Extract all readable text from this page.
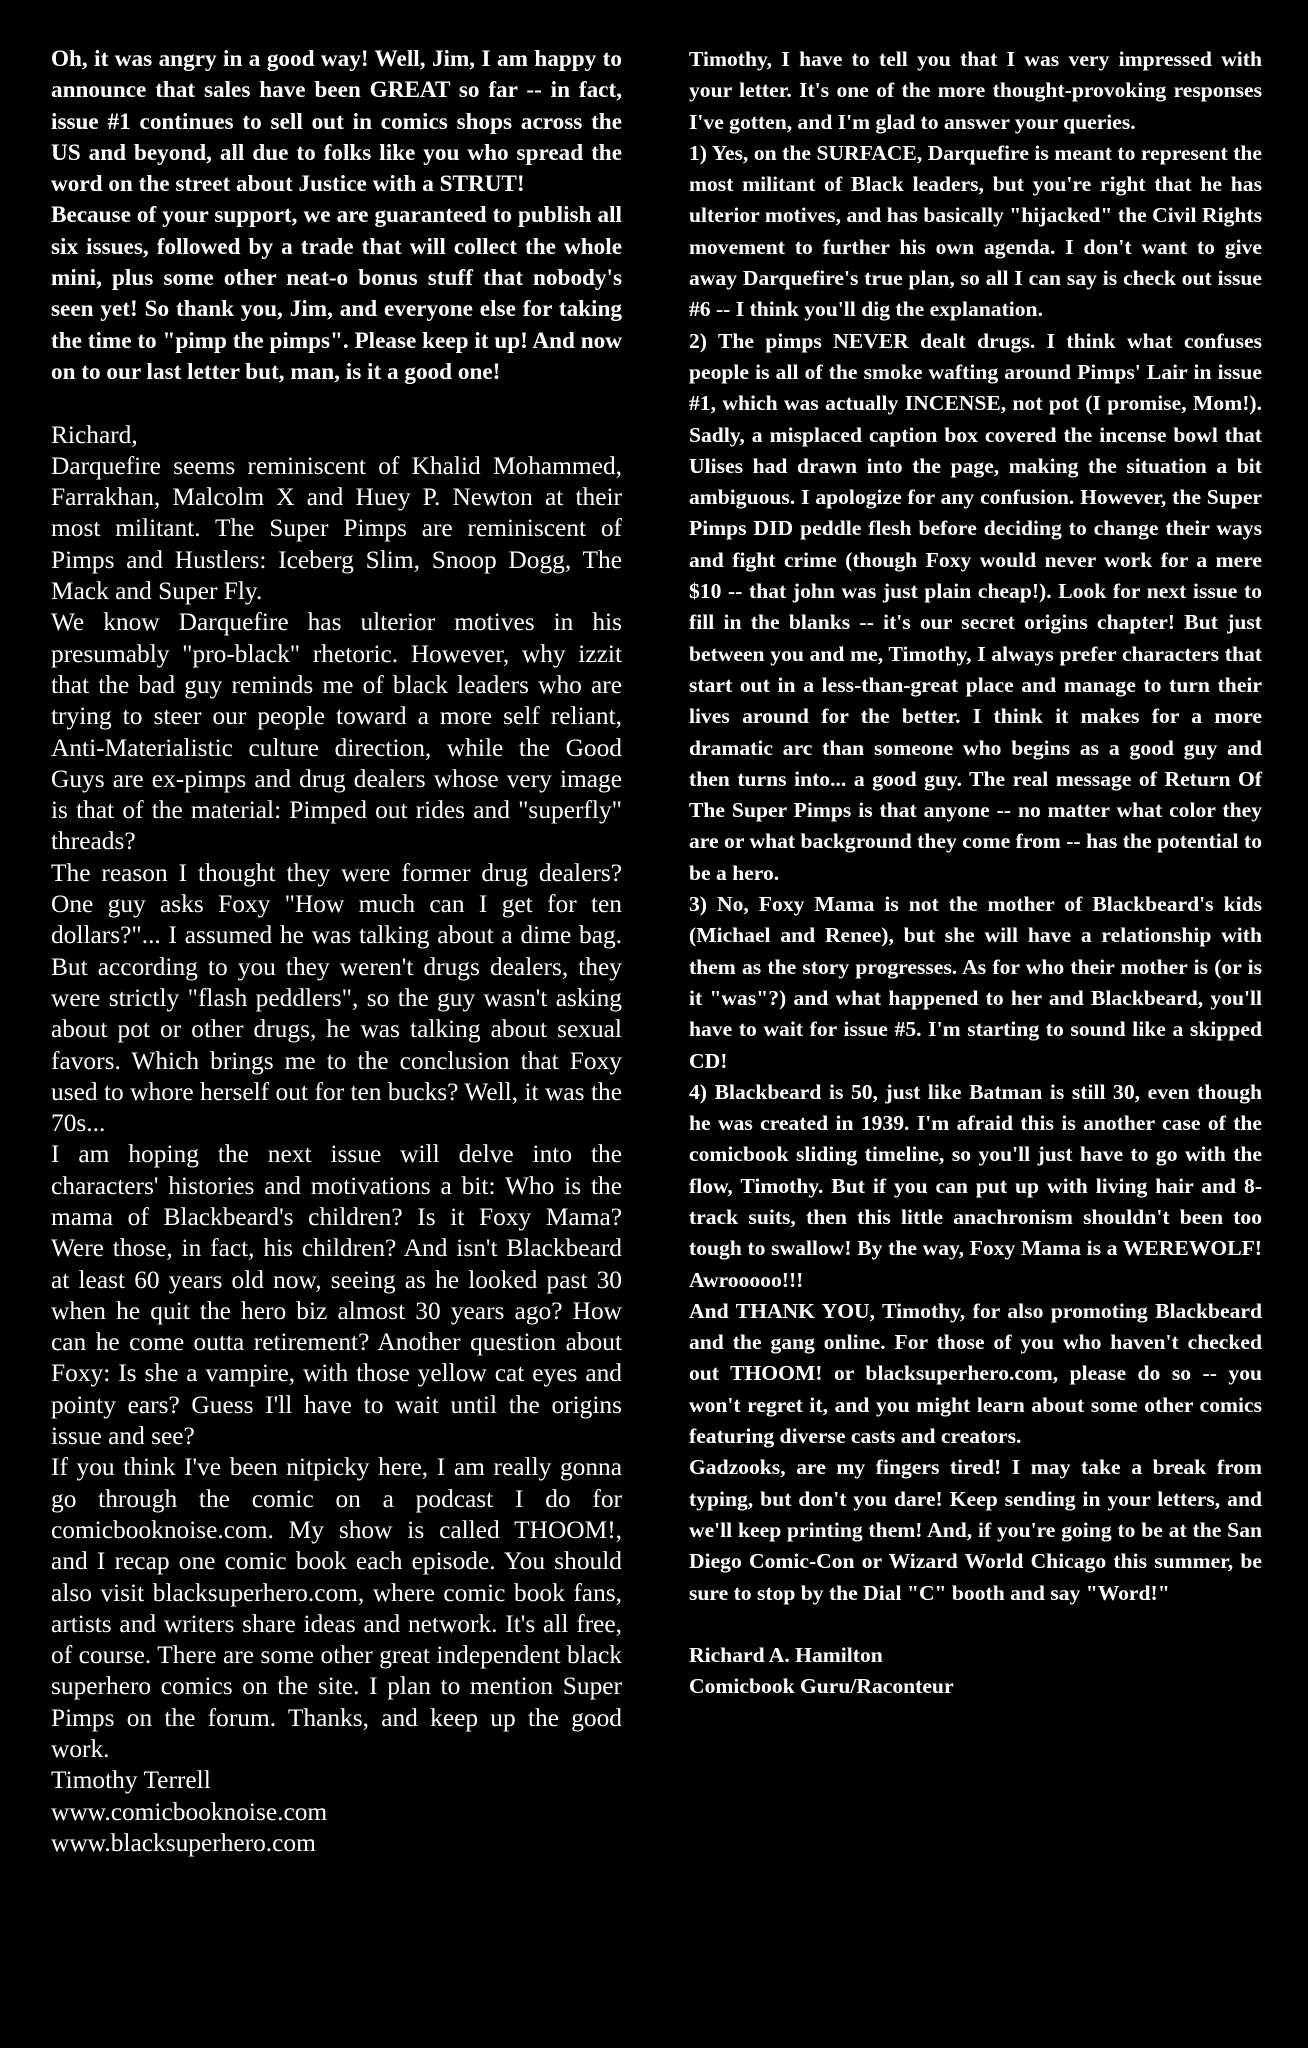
Oh, it was angry in a good way! Well, Jim, I am happy to announce that sales have been GREAT so far -- in fact, issue #1 continues to sell out in comics shops across the US and beyond, all due to folks like you who spread the word on the street about Justice with a STRUT!

Because of your support, we are guaranteed to publish all six issues, followed by a trade that will collect the whole mini, plus some other neat-o bonus stuff that nobody's seen yet! So thank you, Jim, and everyone else for taking the time to "pimp the pimps". Please keep it up! And now on to our last letter but, man, is it a good one!

Richard,

Darquefire seems reminiscent of Khalid Mohammed, Farrakhan, Malcolm X and Huey P. Newton at their most militant. The Super Pimps are reminiscent of Pimps and Hustlers: Iceberg Slim, Snoop Dogg, The Mack and Super Fly.

We know Darquefire has ulterior motives in his presumably "pro-black" rhetoric. However, why izzit that the bad guy reminds me of black leaders who are trying to steer our people toward a more self reliant, Anti-Materialistic culture direction, while the Good Guys are ex-pimps and drug dealers whose very image is that of the material: Pimped out rides and "superfly" threads?

The reason I thought they were former drug dealers? One guy asks Foxy "How much can I get for ten dollars?"... I assumed he was talking about a dime bag. But according to you they weren't drugs dealers, they were strictly "flash peddlers", so the guy wasn't asking about pot or other drugs, he was talking about sexual favors. Which brings me to the conclusion that Foxy used to whore herself out for ten bucks? Well, it was the 70s...

I am hoping the next issue will delve into the characters' histories and motivations a bit: Who is the mama of Blackbeard's children? Is it Foxy Mama? Were those, in fact, his children? And isn't Blackbeard at least 60 years old now, seeing as he looked past 30 when he quit the hero biz almost 30 years ago? How can he come outta retirement? Another question about Foxy: Is she a vampire, with those yellow cat eyes and pointy ears? Guess I'll have to wait until the origins issue and see?

If you think I've been nitpicky here, I am really gonna go through the comic on a podcast I do for comicbooknoise.com. My show is called THOOM!, and I recap one comic book each episode. You should also visit blacksuperhero.com, where comic book fans, artists and writers share ideas and network. It's all free, of course. There are some other great independent black superhero comics on the site. I plan to mention Super Pimps on the forum. Thanks, and keep up the good work.

Timothy Terrell

www.comicbooknoise.com

www.blacksuperhero.com

Timothy, I have to tell you that I was very impressed with your letter. It's one of the more thought-provoking responses I've gotten, and I'm glad to answer your queries.

1) Yes, on the SURFACE, Darquefire is meant to represent the most militant of Black leaders, but you're right that he has ulterior motives, and has basically "hijacked" the Civil Rights movement to further his own agenda. I don't want to give away Darquefire's true plan, so all I can say is check out issue #6 -- I think you'll dig the explanation.

2) The pimps NEVER dealt drugs. I think what confuses people is all of the smoke wafting around Pimps' Lair in issue #1, which was actually INCENSE, not pot (I promise, Mom!). Sadly, a misplaced caption box covered the incense bowl that Ulises had drawn into the page, making the situation a bit ambiguous. I apologize for any confusion. However, the Super Pimps DID peddle flesh before deciding to change their ways and fight crime (though Foxy would never work for a mere $10 -- that john was just plain cheap!). Look for next issue to fill in the blanks -- it's our secret origins chapter! But just between you and me, Timothy, I always prefer characters that start out in a less-than-great place and manage to turn their lives around for the better. I think it makes for a more dramatic arc than someone who begins as a good guy and then turns into... a good guy. The real message of Return Of The Super Pimps is that anyone -- no matter what color they are or what background they come from -- has the potential to be a hero.

3) No, Foxy Mama is not the mother of Blackbeard's kids (Michael and Renee), but she will have a relationship with them as the story progresses. As for who their mother is (or is it "was"?) and what happened to her and Blackbeard, you'll have to wait for issue #5. I'm starting to sound like a skipped CD!

4) Blackbeard is 50, just like Batman is still 30, even though he was created in 1939. I'm afraid this is another case of the comicbook sliding timeline, so you'll just have to go with the flow, Timothy. But if you can put up with living hair and 8-track suits, then this little anachronism shouldn't been too tough to swallow! By the way, Foxy Mama is a WEREWOLF! Awrooooo!!!

And THANK YOU, Timothy, for also promoting Blackbeard and the gang online. For those of you who haven't checked out THOOM! or blacksuperhero.com, please do so -- you won't regret it, and you might learn about some other comics featuring diverse casts and creators.

Gadzooks, are my fingers tired! I may take a break from typing, but don't you dare! Keep sending in your letters, and we'll keep printing them! And, if you're going to be at the San Diego Comic-Con or Wizard World Chicago this summer, be sure to stop by the Dial "C" booth and say "Word!"

Richard A. Hamilton

Comicbook Guru/Raconteur
